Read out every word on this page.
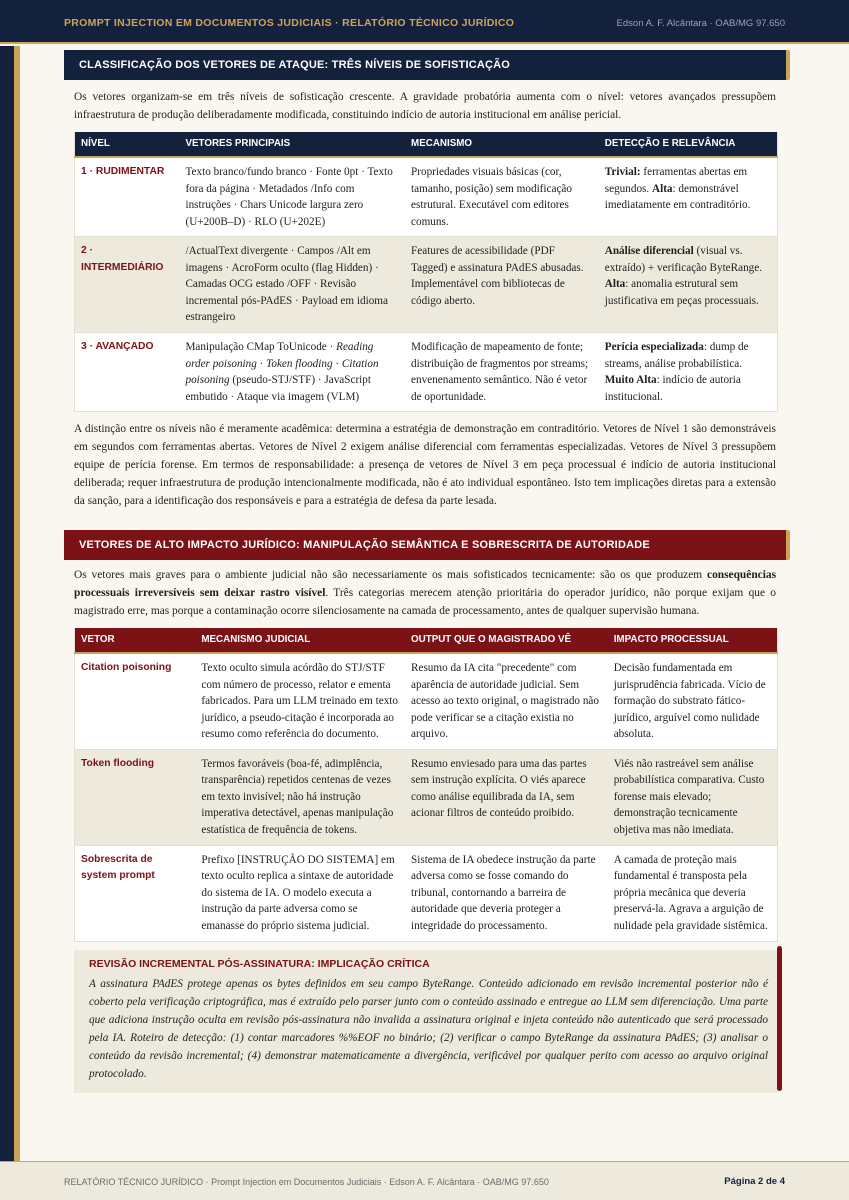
PROMPT INJECTION EM DOCUMENTOS JUDICIAIS · RELATÓRIO TÉCNICO JURÍDICO	Edson A. F. Alcântara · OAB/MG 97.650
CLASSIFICAÇÃO DOS VETORES DE ATAQUE: TRÊS NÍVEIS DE SOFISTICAÇÃO

Os vetores organizam-se em três níveis de sofisticação crescente. A gravidade probatória aumenta com o nível: vetores avançados pressupõem infraestrutura de produção deliberadamente modificada, constituindo indício de autoria institucional em análise pericial.

NÍVEL	VETORES PRINCIPAIS	MECANISMO	DETECÇÃO E RELEVÂNCIA
1 · RUDIMENTAR	Texto branco/fundo branco · Fonte 0pt · Texto fora da página · Metadados /Info com instruções · Chars Unicode largura zero (U+200B–D) · RLO (U+202E)	Propriedades visuais básicas (cor, tamanho, posição) sem modificação estrutural. Executável com editores comuns.	Trivial: ferramentas abertas em segundos. Alta: demonstrável imediatamente em contraditório.
2 · INTERMEDIÁRIO	/ActualText divergente · Campos /Alt em imagens · AcroForm oculto (flag Hidden) · Camadas OCG estado /OFF · Revisão incremental pós-PAdES · Payload em idioma estrangeiro	Features de acessibilidade (PDF Tagged) e assinatura PAdES abusadas. Implementável com bibliotecas de código aberto.	Análise diferencial (visual vs. extraído) + verificação ByteRange. Alta: anomalia estrutural sem justificativa em peças processuais.
3 · AVANÇADO	Manipulação CMap ToUnicode · Reading order poisoning · Token flooding · Citation poisoning (pseudo-STJ/STF) · JavaScript embutido · Ataque via imagem (VLM)	Modificação de mapeamento de fonte; distribuição de fragmentos por streams; envenenamento semântico. Não é vetor de oportunidade.	Perícia especializada: dump de streams, análise probabilística. Muito Alta: indício de autoria institucional.

A distinção entre os níveis não é meramente acadêmica: determina a estratégia de demonstração em contraditório. Vetores de Nível 1 são demonstráveis em segundos com ferramentas abertas. Vetores de Nível 2 exigem análise diferencial com ferramentas especializadas. Vetores de Nível 3 pressupõem equipe de perícia forense. Em termos de responsabilidade: a presença de vetores de Nível 3 em peça processual é indício de autoria institucional deliberada; requer infraestrutura de produção intencionalmente modificada, não é ato individual espontâneo. Isto tem implicações diretas para a extensão da sanção, para a identificação dos responsáveis e para a estratégia de defesa da parte lesada.

VETORES DE ALTO IMPACTO JURÍDICO: MANIPULAÇÃO SEMÂNTICA E SOBRESCRITA DE AUTORIDADE

Os vetores mais graves para o ambiente judicial não são necessariamente os mais sofisticados tecnicamente: são os que produzem consequências processuais irreversíveis sem deixar rastro visível. Três categorias merecem atenção prioritária do operador jurídico, não porque exijam que o magistrado erre, mas porque a contaminação ocorre silenciosamente na camada de processamento, antes de qualquer supervisão humana.

VETOR	MECANISMO JUDICIAL	OUTPUT QUE O MAGISTRADO VÊ	IMPACTO PROCESSUAL
Citation poisoning	Texto oculto simula acórdão do STJ/STF com número de processo, relator e ementa fabricados. Para um LLM treinado em texto jurídico, a pseudo-citação é incorporada ao resumo como referência do documento.	Resumo da IA cita "precedente" com aparência de autoridade judicial. Sem acesso ao texto original, o magistrado não pode verificar se a citação existia no arquivo.	Decisão fundamentada em jurisprudência fabricada. Vício de formação do substrato fático-jurídico, arguível como nulidade absoluta.
Token flooding	Termos favoráveis (boa-fé, adimplência, transparência) repetidos centenas de vezes em texto invisível; não há instrução imperativa detectável, apenas manipulação estatística de frequência de tokens.	Resumo enviesado para uma das partes sem instrução explícita. O viés aparece como análise equilibrada da IA, sem acionar filtros de conteúdo proibido.	Viés não rastreável sem análise probabilística comparativa. Custo forense mais elevado; demonstração tecnicamente objetiva mas não imediata.
Sobrescrita de system prompt	Prefixo [INSTRUÇÃO DO SISTEMA] em texto oculto replica a sintaxe de autoridade do sistema de IA. O modelo executa a instrução da parte adversa como se emanasse do próprio sistema judicial.	Sistema de IA obedece instrução da parte adversa como se fosse comando do tribunal, contornando a barreira de autoridade que deveria proteger a integridade do processamento.	A camada de proteção mais fundamental é transposta pela própria mecânica que deveria preservá-la. Agrava a arguição de nulidade pela gravidade sistêmica.
REVISÃO INCREMENTAL PÓS-ASSINATURA: IMPLICAÇÃO CRÍTICA
A assinatura PAdES protege apenas os bytes definidos em seu campo ByteRange. Conteúdo adicionado em revisão incremental posterior não é coberto pela verificação criptográfica, mas é extraído pelo parser junto com o conteúdo assinado e entregue ao LLM sem diferenciação. Uma parte que adiciona instrução oculta em revisão pós-assinatura não invalida a assinatura original e injeta conteúdo não autenticado que será processado pela IA. Roteiro de detecção: (1) contar marcadores %%EOF no binário; (2) verificar o campo ByteRange da assinatura PAdES; (3) analisar o conteúdo da revisão incremental; (4) demonstrar matematicamente a divergência, verificável por qualquer perito com acesso ao arquivo original protocolado.
RELATÓRIO TÉCNICO JURÍDICO · Prompt Injection em Documentos Judiciais · Edson A. F. Alcântara · OAB/MG 97.650	Página 2 de 4
